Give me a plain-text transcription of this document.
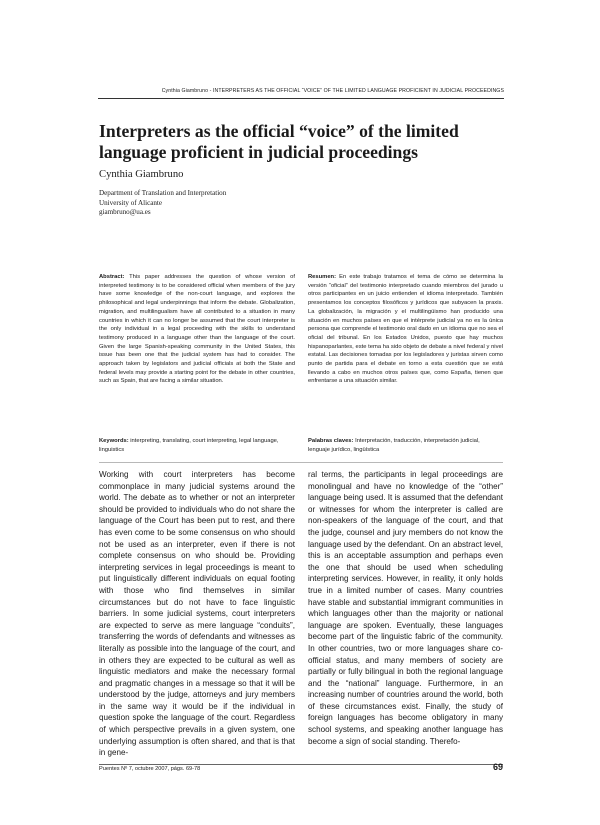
Cynthia Giambruno - INTERPRETERS AS THE OFFICIAL “VOICE” OF THE LIMITED LANGUAGE PROFICIENT IN JUDICIAL PROCEEDINGS
Interpreters as the official “voice” of the limited language proficient in judicial proceedings
Cynthia Giambruno
Department of Translation and Interpretation
University of Alicante
giambruno@ua.es

Abstract: This paper addresses the question of whose version of interpreted testimony is to be considered official when members of the jury have some knowledge of the non-court language, and explores the philosophical and legal underpinnings that inform the debate. Globalization, migration, and multilingualism have all contributed to a situation in many countries in which it can no longer be assumed that the court interpreter is the only individual in a legal proceeding with the skills to understand testimony produced in a language other than the language of the court. Given the large Spanish-speaking community in the United States, this issue has been one that the judicial system has had to consider. The approach taken by legislators and judicial officials at both the State and federal levels may provide a starting point for the debate in other countries, such as Spain, that are facing a similar situation.

Keywords: interpreting, translating, court interpreting, legal language, linguistics

Resumen: En este trabajo tratamos el tema de cómo se determina la versión “oficial” del testimonio interpretado cuando miembros del jurado u otros participantes en un juicio entienden el idioma interpretado. También presentamos los conceptos filosóficos y jurídicos que subyacen la praxis. La globalización, la migración y el multilingüismo han producido una situación en muchos países en que el intérprete judicial ya no es la única persona que comprende el testimonio oral dado en un idioma que no sea el oficial del tribunal. En los Estados Unidos, puesto que hay muchos hispanoparlantes, este tema ha sido objeto de debate a nivel federal y nivel estatal. Las decisiones tomadas por los legisladores y juristas sirven como punto de partida para el debate en torno a esta cuestión que se está llevando a cabo en muchos otros países que, como España, tienen que enfrentarse a una situación similar.

Palabras claves: Interpretación, traducción, interpretación judicial, lenguaje jurídico, lingüística

Working with court interpreters has become commonplace in many judicial systems around the world. The debate as to whether or not an interpreter should be provided to individuals who do not share the language of the Court has been put to rest, and there has even come to be some consensus on who should not be used as an interpreter, even if there is not complete consensus on who should be. Providing interpreting services in legal proceedings is meant to put linguistically different individuals on equal footing with those who find themselves in similar circumstances but do not have to face linguistic barriers. In some judicial systems, court interpreters are expected to serve as mere language “conduits”, transferring the words of defendants and witnesses as literally as possible into the language of the court, and in others they are expected to be cultural as well as linguistic mediators and make the necessary formal and pragmatic changes in a message so that it will be understood by the judge, attorneys and jury members in the same way it would be if the individual in question spoke the language of the court. Regardless of which perspective prevails in a given system, one underlying assumption is often shared, and that is that in gene-

ral terms, the participants in legal proceedings are monolingual and have no knowledge of the “other” language being used. It is assumed that the defendant or witnesses for whom the interpreter is called are non-speakers of the language of the court, and that the judge, counsel and jury members do not know the language used by the defendant. On an abstract level, this is an acceptable assumption and perhaps even the one that should be used when scheduling interpreting services. However, in reality, it only holds true in a limited number of cases. Many countries have stable and substantial immigrant communities in which languages other than the majority or national language are spoken. Eventually, these languages become part of the linguistic fabric of the community. In other countries, two or more languages share co-official status, and many members of society are partially or fully bilingual in both the regional language and the “national” language. Furthermore, in an increasing number of countries around the world, both of these circumstances exist. Finally, the study of foreign languages has become obligatory in many school systems, and speaking another language has become a sign of social standing. Therefo-

Puentes Nº 7, octubre 2007, págs. 69-78	69
